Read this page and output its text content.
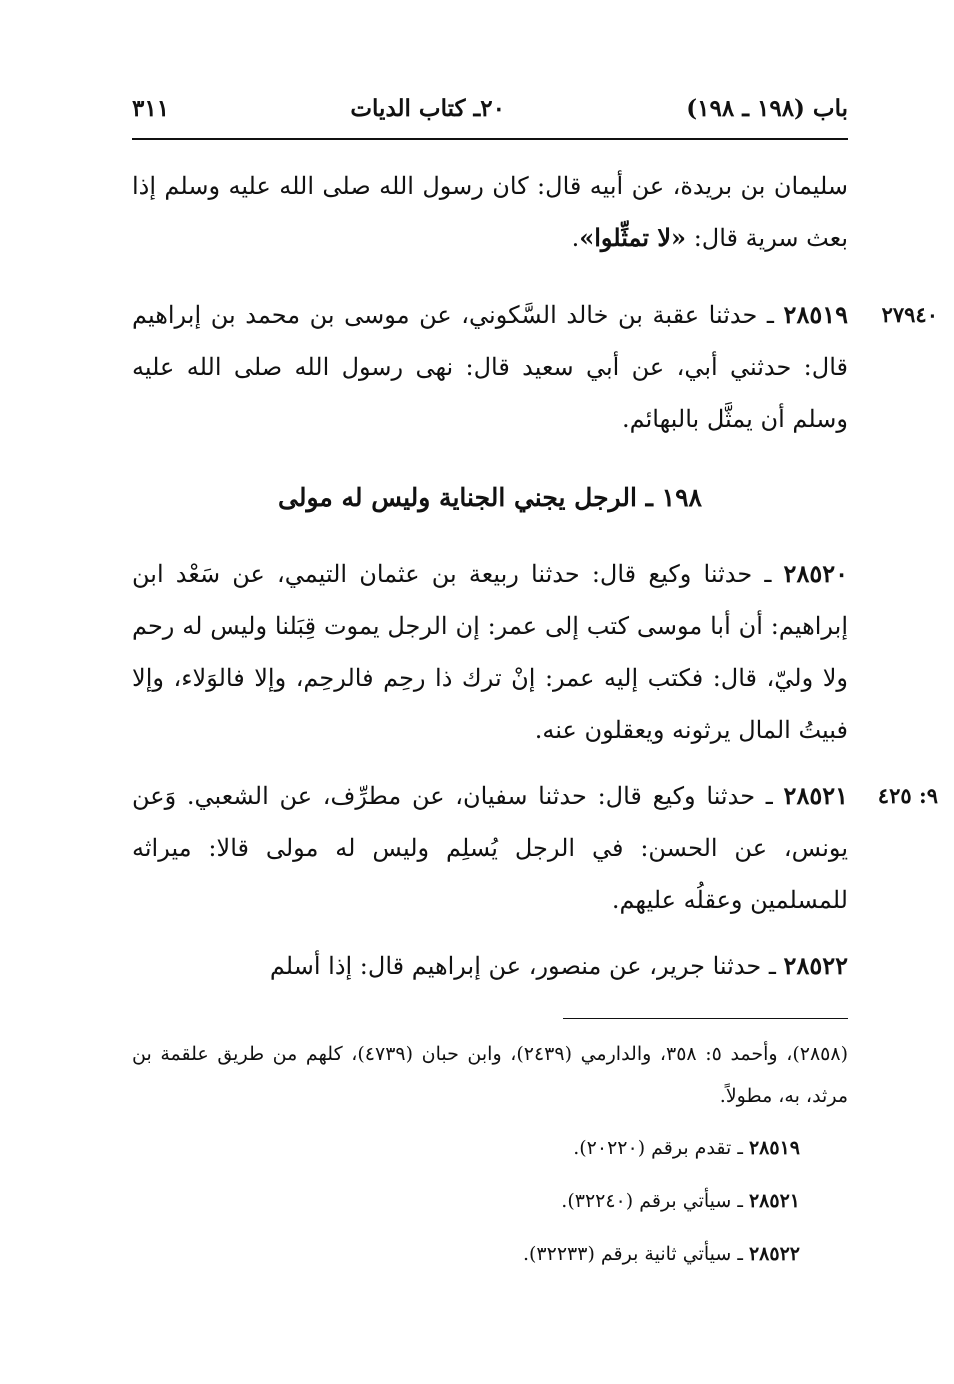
باب (١٩٨ ـ ١٩٨)
٢٠ـ كتاب الديات
٣١١
سليمان بن بريدة، عن أبيه قال: كان رسول الله صلى الله عليه وسلم إذا بعث سرية قال: «لا تمثِّلوا».
٢٧٩٤٠
٢٨٥١٩ ـ حدثنا عقبة بن خالد السَّكوني، عن موسى بن محمد بن إبراهيم قال: حدثني أبي، عن أبي سعيد قال: نهى رسول الله صلى الله عليه وسلم أن يمثَّل بالبهائم.
١٩٨ ـ الرجل يجني الجناية وليس له مولى
٢٨٥٢٠ ـ حدثنا وكيع قال: حدثنا ربيعة بن عثمان التيمي، عن سَعْد ابن إبراهيم: أن أبا موسى كتب إلى عمر: إن الرجل يموت قِبَلنا وليس له رحم ولا وليّ، قال: فكتب إليه عمر: إنْ ترك ذا رحِم فالرحِم، وإلا فالوَلاء، وإلا فبيتُ المال يرثونه ويعقلون عنه.
٩: ٤٢٥
٢٨٥٢١ ـ حدثنا وكيع قال: حدثنا سفيان، عن مطرِّف، عن الشعبي. وَعن يونس، عن الحسن: في الرجل يُسلِم وليس له مولى قالا: ميراثه للمسلمين وعقلُه عليهم.
٢٨٥٢٢ ـ حدثنا جرير، عن منصور، عن إبراهيم قال: إذا أسلم
(٢٨٥٨)، وأحمد ٥: ٣٥٨، والدارمي (٢٤٣٩)، وابن حبان (٤٧٣٩)، كلهم من طريق علقمة بن مرثد، به، مطولاً.
٢٨٥١٩ ـ تقدم برقم (٢٠٢٢٠).
٢٨٥٢١ ـ سيأتي برقم (٣٢٢٤٠).
٢٨٥٢٢ ـ سيأتي ثانية برقم (٣٢٢٣٣).
